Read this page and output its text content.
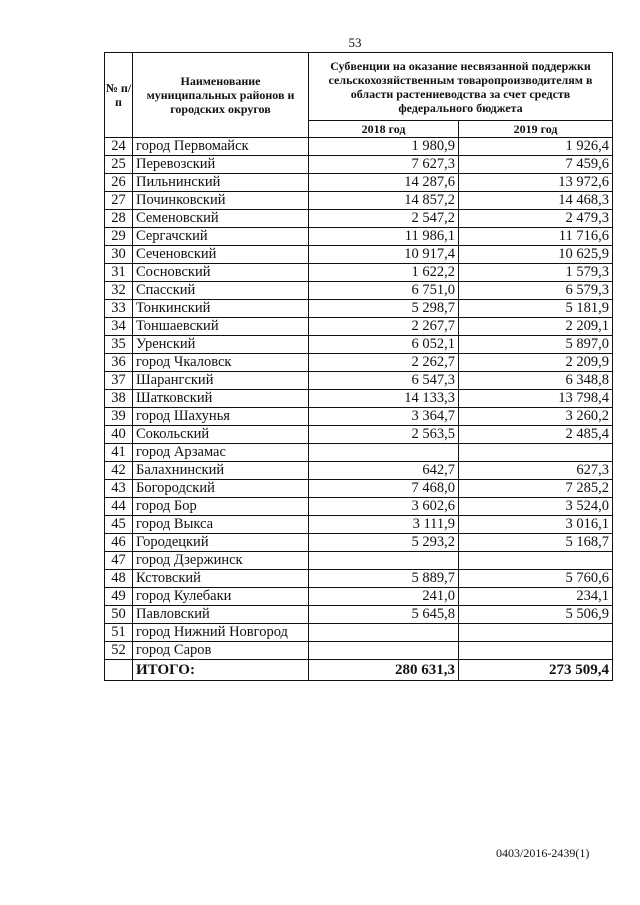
53
№ п/п	Наименование муниципальных районов и городских округов	Субвенции на оказание несвязанной поддержки сельскохозяйственным товаропроизводителям в области растениеводства за счет средств федерального бюджета	
		2018 год	2019 год
24	город Первомайск	1 980,9	1 926,4
25	Перевозский	7 627,3	7 459,6
26	Пильнинский	14 287,6	13 972,6
27	Починковский	14 857,2	14 468,3
28	Семеновский	2 547,2	2 479,3
29	Сергачский	11 986,1	11 716,6
30	Сеченовский	10 917,4	10 625,9
31	Сосновский	1 622,2	1 579,3
32	Спасский	6 751,0	6 579,3
33	Тонкинский	5 298,7	5 181,9
34	Тоншаевский	2 267,7	2 209,1
35	Уренский	6 052,1	5 897,0
36	город Чкаловск	2 262,7	2 209,9
37	Шарангский	6 547,3	6 348,8
38	Шатковский	14 133,3	13 798,4
39	город Шахунья	3 364,7	3 260,2
40	Сокольский	2 563,5	2 485,4
41	город Арзамас		
42	Балахнинский	642,7	627,3
43	Богородский	7 468,0	7 285,2
44	город Бор	3 602,6	3 524,0
45	город Выкса	3 111,9	3 016,1
46	Городецкий	5 293,2	5 168,7
47	город Дзержинск		
48	Кстовский	5 889,7	5 760,6
49	город Кулебаки	241,0	234,1
50	Павловский	5 645,8	5 506,9
51	город Нижний Новгород		
52	город Саров		
	ИТОГО:	280 631,3	273 509,4
0403/2016-2439(1)
